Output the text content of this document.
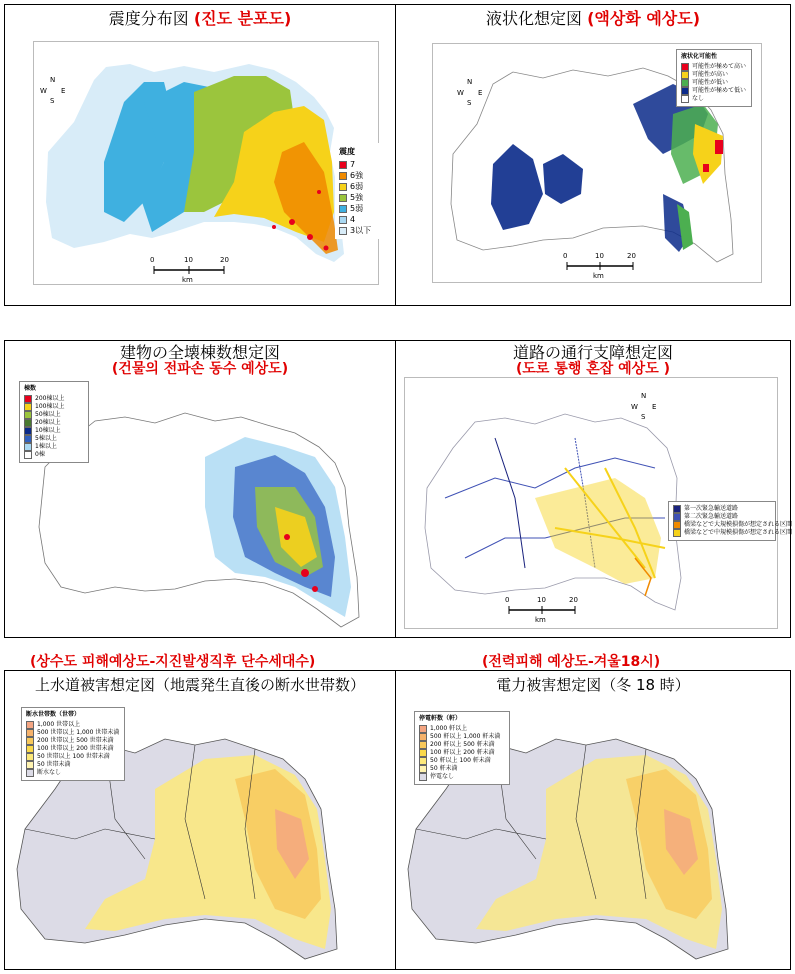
震度分布図 (진도 분포도)
0	10	20
km
N
W E
S
震度
7
6強
6弱
5強
5弱
4
3以下
液状化想定図 (액상화 예상도)
0	10	20
km
N
W E
S
液状化可能性
可能性が極めて高い
可能性が高い
可能性が低い
可能性が極めて低い
なし
建物の全壊棟数想定図
(건물의 전파손 동수 예상도)
棟数
200棟以上
100棟以上
50棟以上
20棟以上
10棟以上
5棟以上
1棟以上
0棟
道路の通行支障想定図
(도로 통행 혼잡 예상도 )
0	10	20
km
N
W E
S
第一次緊急輸送道路
第二次緊急輸送道路
橋梁などで大規模損傷が想定される区間
橋梁などで中規模損傷が想定される区間
(상수도 피해예상도-지진발생직후 단수세대수)
上水道被害想定図（地震発生直後の断水世帯数）
断水世帯数（世帯）
1,000 世帯以上
500 世帯以上 1,000 世帯未満
200 世帯以上 500 世帯未満
100 世帯以上 200 世帯未満
50 世帯以上 100 世帯未満
50 世帯未満
断水なし
(전력피해 예상도-겨울18시)
電力被害想定図（冬 18 時）
停電軒数（軒）
1,000 軒以上
500 軒以上 1,000 軒未満
200 軒以上 500 軒未満
100 軒以上 200 軒未満
50 軒以上 100 軒未満
50 軒未満
停電なし
